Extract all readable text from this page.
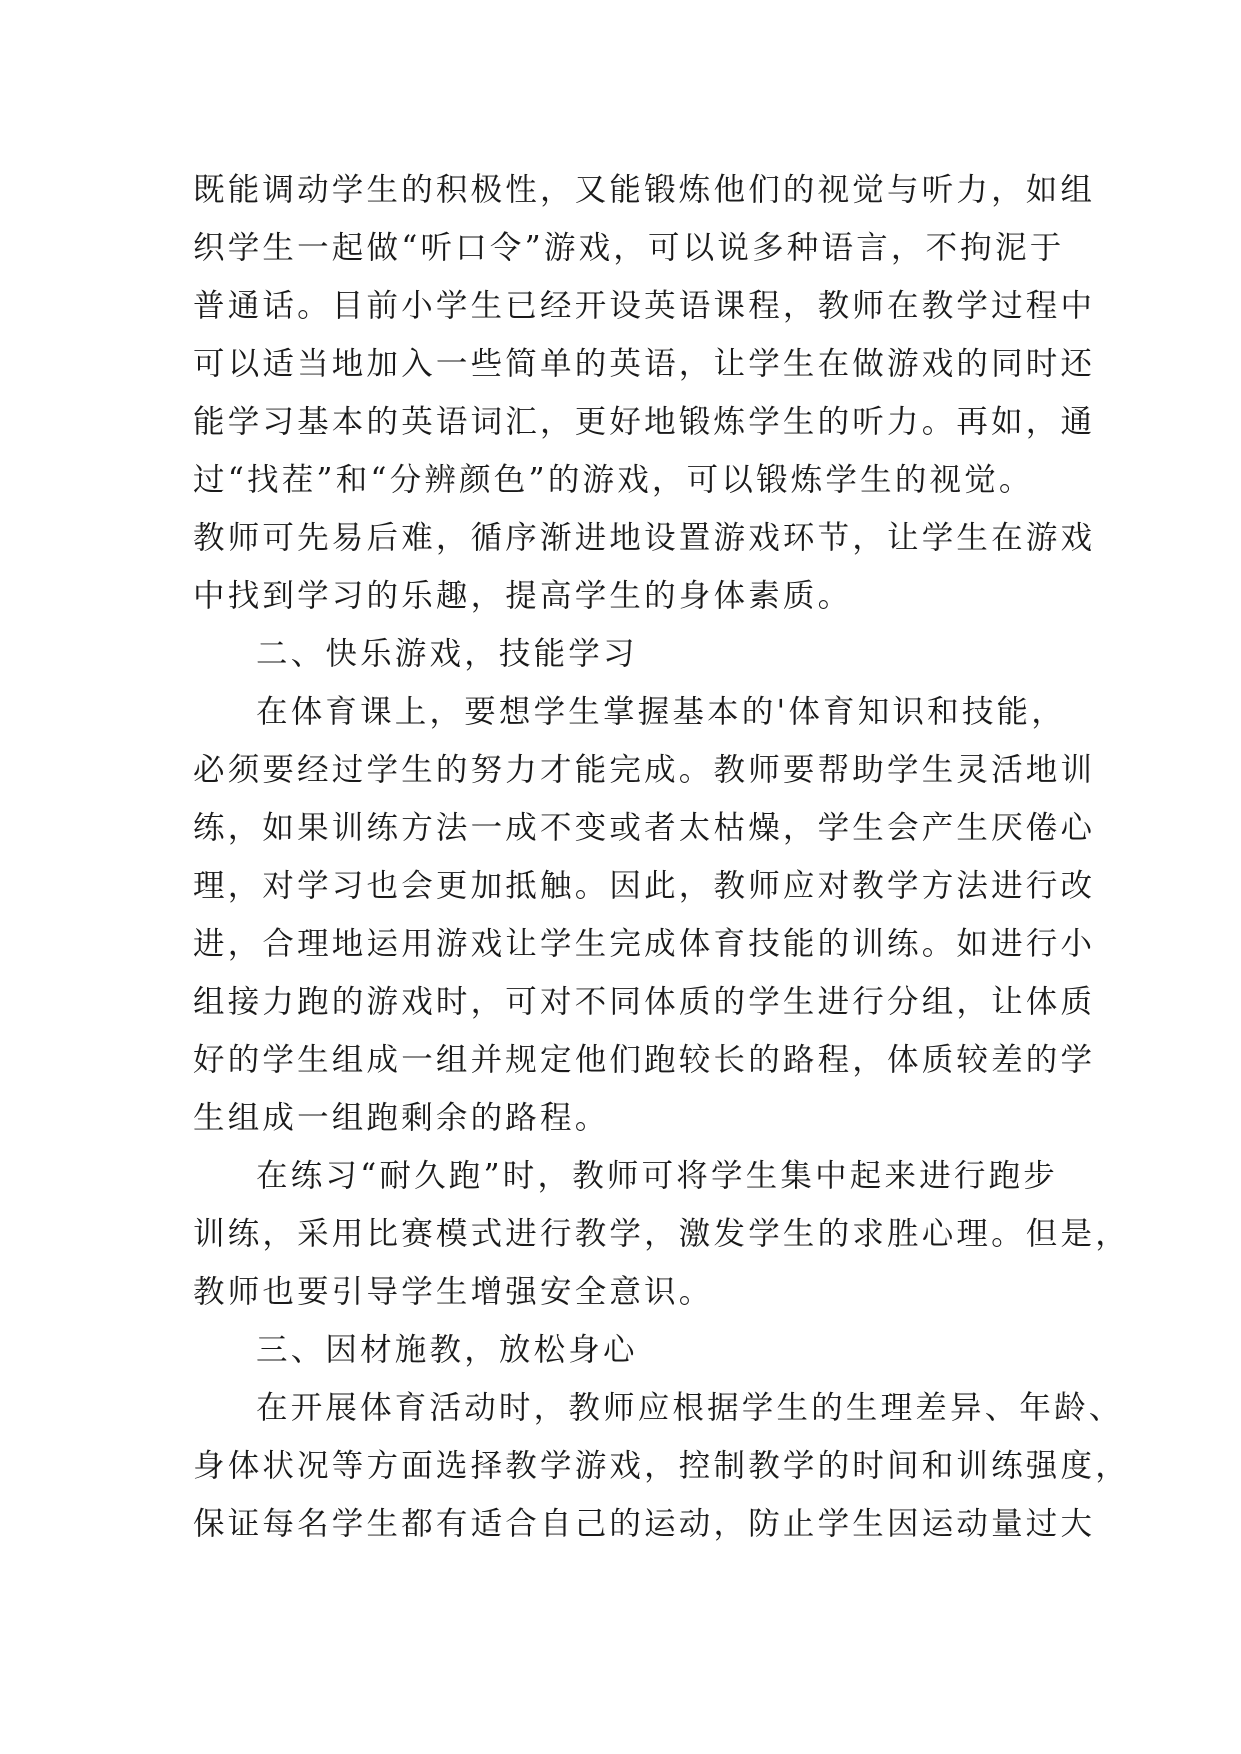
既能调动学生的积极性，又能锻炼他们的视觉与听力，如组
织学生一起做“听口令”游戏，可以说多种语言，不拘泥于
普通话。目前小学生已经开设英语课程，教师在教学过程中
可以适当地加入一些简单的英语，让学生在做游戏的同时还
能学习基本的英语词汇，更好地锻炼学生的听力。再如，通
过“找茬”和“分辨颜色”的游戏，可以锻炼学生的视觉。
教师可先易后难，循序渐进地设置游戏环节，让学生在游戏
中找到学习的乐趣，提高学生的身体素质。
二、快乐游戏，技能学习
在体育课上，要想学生掌握基本的'体育知识和技能，
必须要经过学生的努力才能完成。教师要帮助学生灵活地训
练，如果训练方法一成不变或者太枯燥，学生会产生厌倦心
理，对学习也会更加抵触。因此，教师应对教学方法进行改
进，合理地运用游戏让学生完成体育技能的训练。如进行小
组接力跑的游戏时，可对不同体质的学生进行分组，让体质
好的学生组成一组并规定他们跑较长的路程，体质较差的学
生组成一组跑剩余的路程。
在练习“耐久跑”时，教师可将学生集中起来进行跑步
训练，采用比赛模式进行教学，激发学生的求胜心理。但是，
教师也要引导学生增强安全意识。
三、因材施教，放松身心
在开展体育活动时，教师应根据学生的生理差异、年龄、
身体状况等方面选择教学游戏，控制教学的时间和训练强度，
保证每名学生都有适合自己的运动，防止学生因运动量过大
